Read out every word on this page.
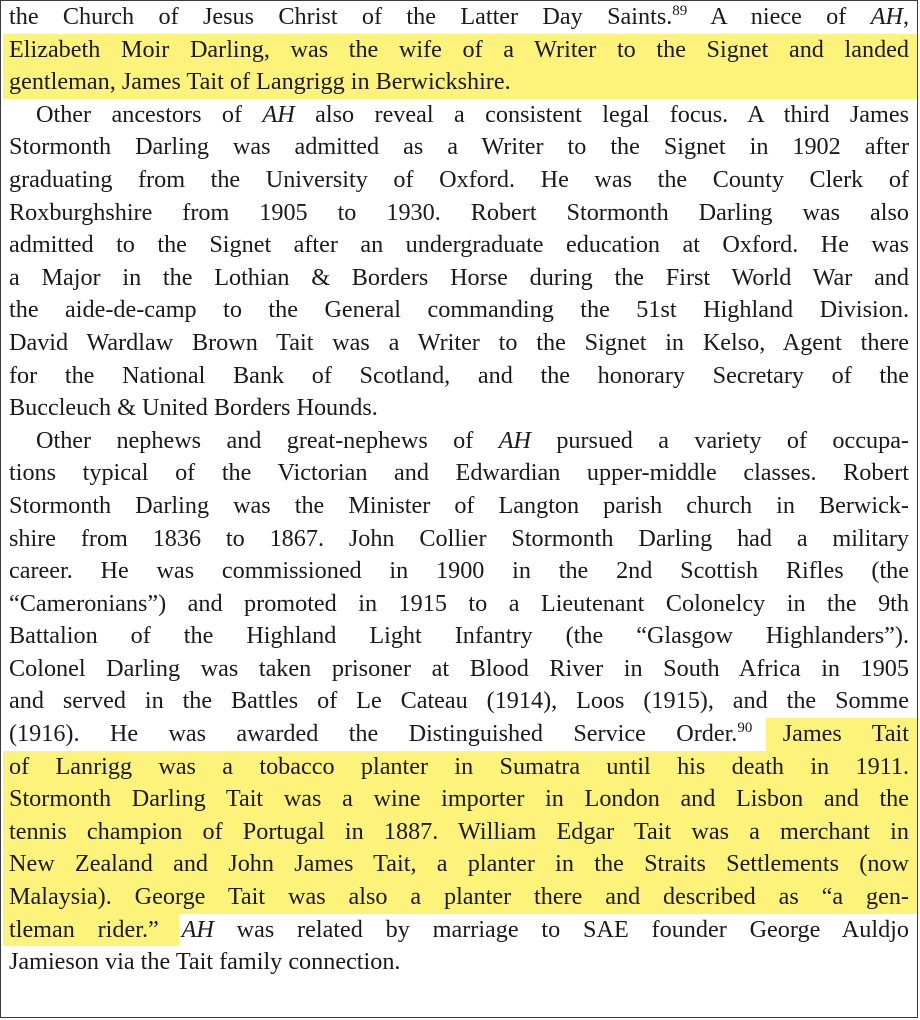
the Church of Jesus Christ of the Latter Day Saints.$^{89}$ A niece of AH,
Elizabeth Moir Darling, was the wife of a Writer to the Signet and landed
gentleman, James Tait of Langrigg in Berwickshire.
Other ancestors of AH also reveal a consistent legal focus. A third James
Stormonth Darling was admitted as a Writer to the Signet in 1902 after
graduating from the University of Oxford. He was the County Clerk of
Roxburghshire from 1905 to 1930. Robert Stormonth Darling was also
admitted to the Signet after an undergraduate education at Oxford. He was
a Major in the Lothian & Borders Horse during the First World War and
the aide-de-camp to the General commanding the 51st Highland Division.
David Wardlaw Brown Tait was a Writer to the Signet in Kelso, Agent there
for the National Bank of Scotland, and the honorary Secretary of the
Buccleuch & United Borders Hounds.
Other nephews and great-nephews of AH pursued a variety of occupa-
tions typical of the Victorian and Edwardian upper-middle classes. Robert
Stormonth Darling was the Minister of Langton parish church in Berwick-
shire from 1836 to 1867. John Collier Stormonth Darling had a military
career. He was commissioned in 1900 in the 2nd Scottish Rifles (the
“Cameronians”) and promoted in 1915 to a Lieutenant Colonelcy in the 9th
Battalion of the Highland Light Infantry (the “Glasgow Highlanders”).
Colonel Darling was taken prisoner at Blood River in South Africa in 1905
and served in the Battles of Le Cateau (1914), Loos (1915), and the Somme
(1916). He was awarded the Distinguished Service Order.$^{90}$ James Tait
of Lanrigg was a tobacco planter in Sumatra until his death in 1911.
Stormonth Darling Tait was a wine importer in London and Lisbon and the
tennis champion of Portugal in 1887. William Edgar Tait was a merchant in
New Zealand and John James Tait, a planter in the Straits Settlements (now
Malaysia). George Tait was also a planter there and described as “a gen-
tleman rider.” AH was related by marriage to SAE founder George Auldjo
Jamieson via the Tait family connection.
